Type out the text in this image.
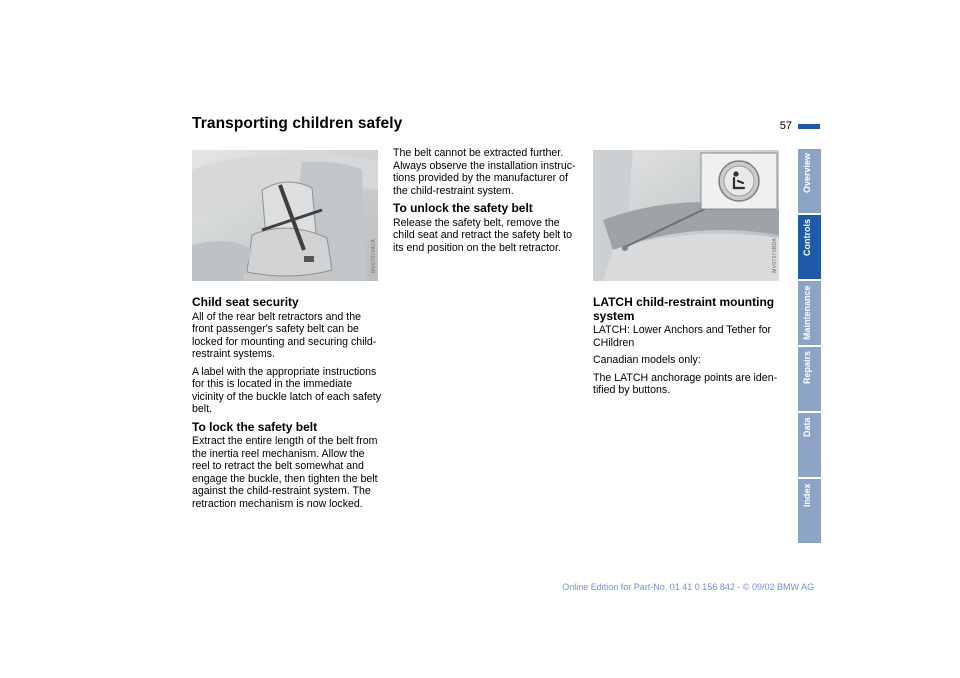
Transporting children safely	57
MV07070A7A
Child seat security

All of the rear belt retractors and the front passenger's safety belt can be locked for mounting and securing child-restraint systems.

A label with the appropriate instructions for this is located in the immediate vicinity of the buckle latch of each safety belt.

To lock the safety belt

Extract the entire length of the belt from the inertia reel mechanism. Allow the reel to retract the belt somewhat and engage the buckle, then tighten the belt against the child-restraint system. The retraction mechanism is now locked.

The belt cannot be extracted further. Always observe the installation instruc-tions provided by the manufacturer of the child-restraint system.

To unlock the safety belt

Release the safety belt, remove the child seat and retract the safety belt to its end position on the belt retractor.	MV07070BDA
LATCH child-restraint mounting system

LATCH: Lower Anchors and Tether for CHildren

Canadian models only:

The LATCH anchorage points are iden-tified by buttons.

Overview
Controls
Maintenance
Repairs
Data
Index
Online Edition for Part-No. 01 41 0 156 842 - © 09/02 BMW AG
